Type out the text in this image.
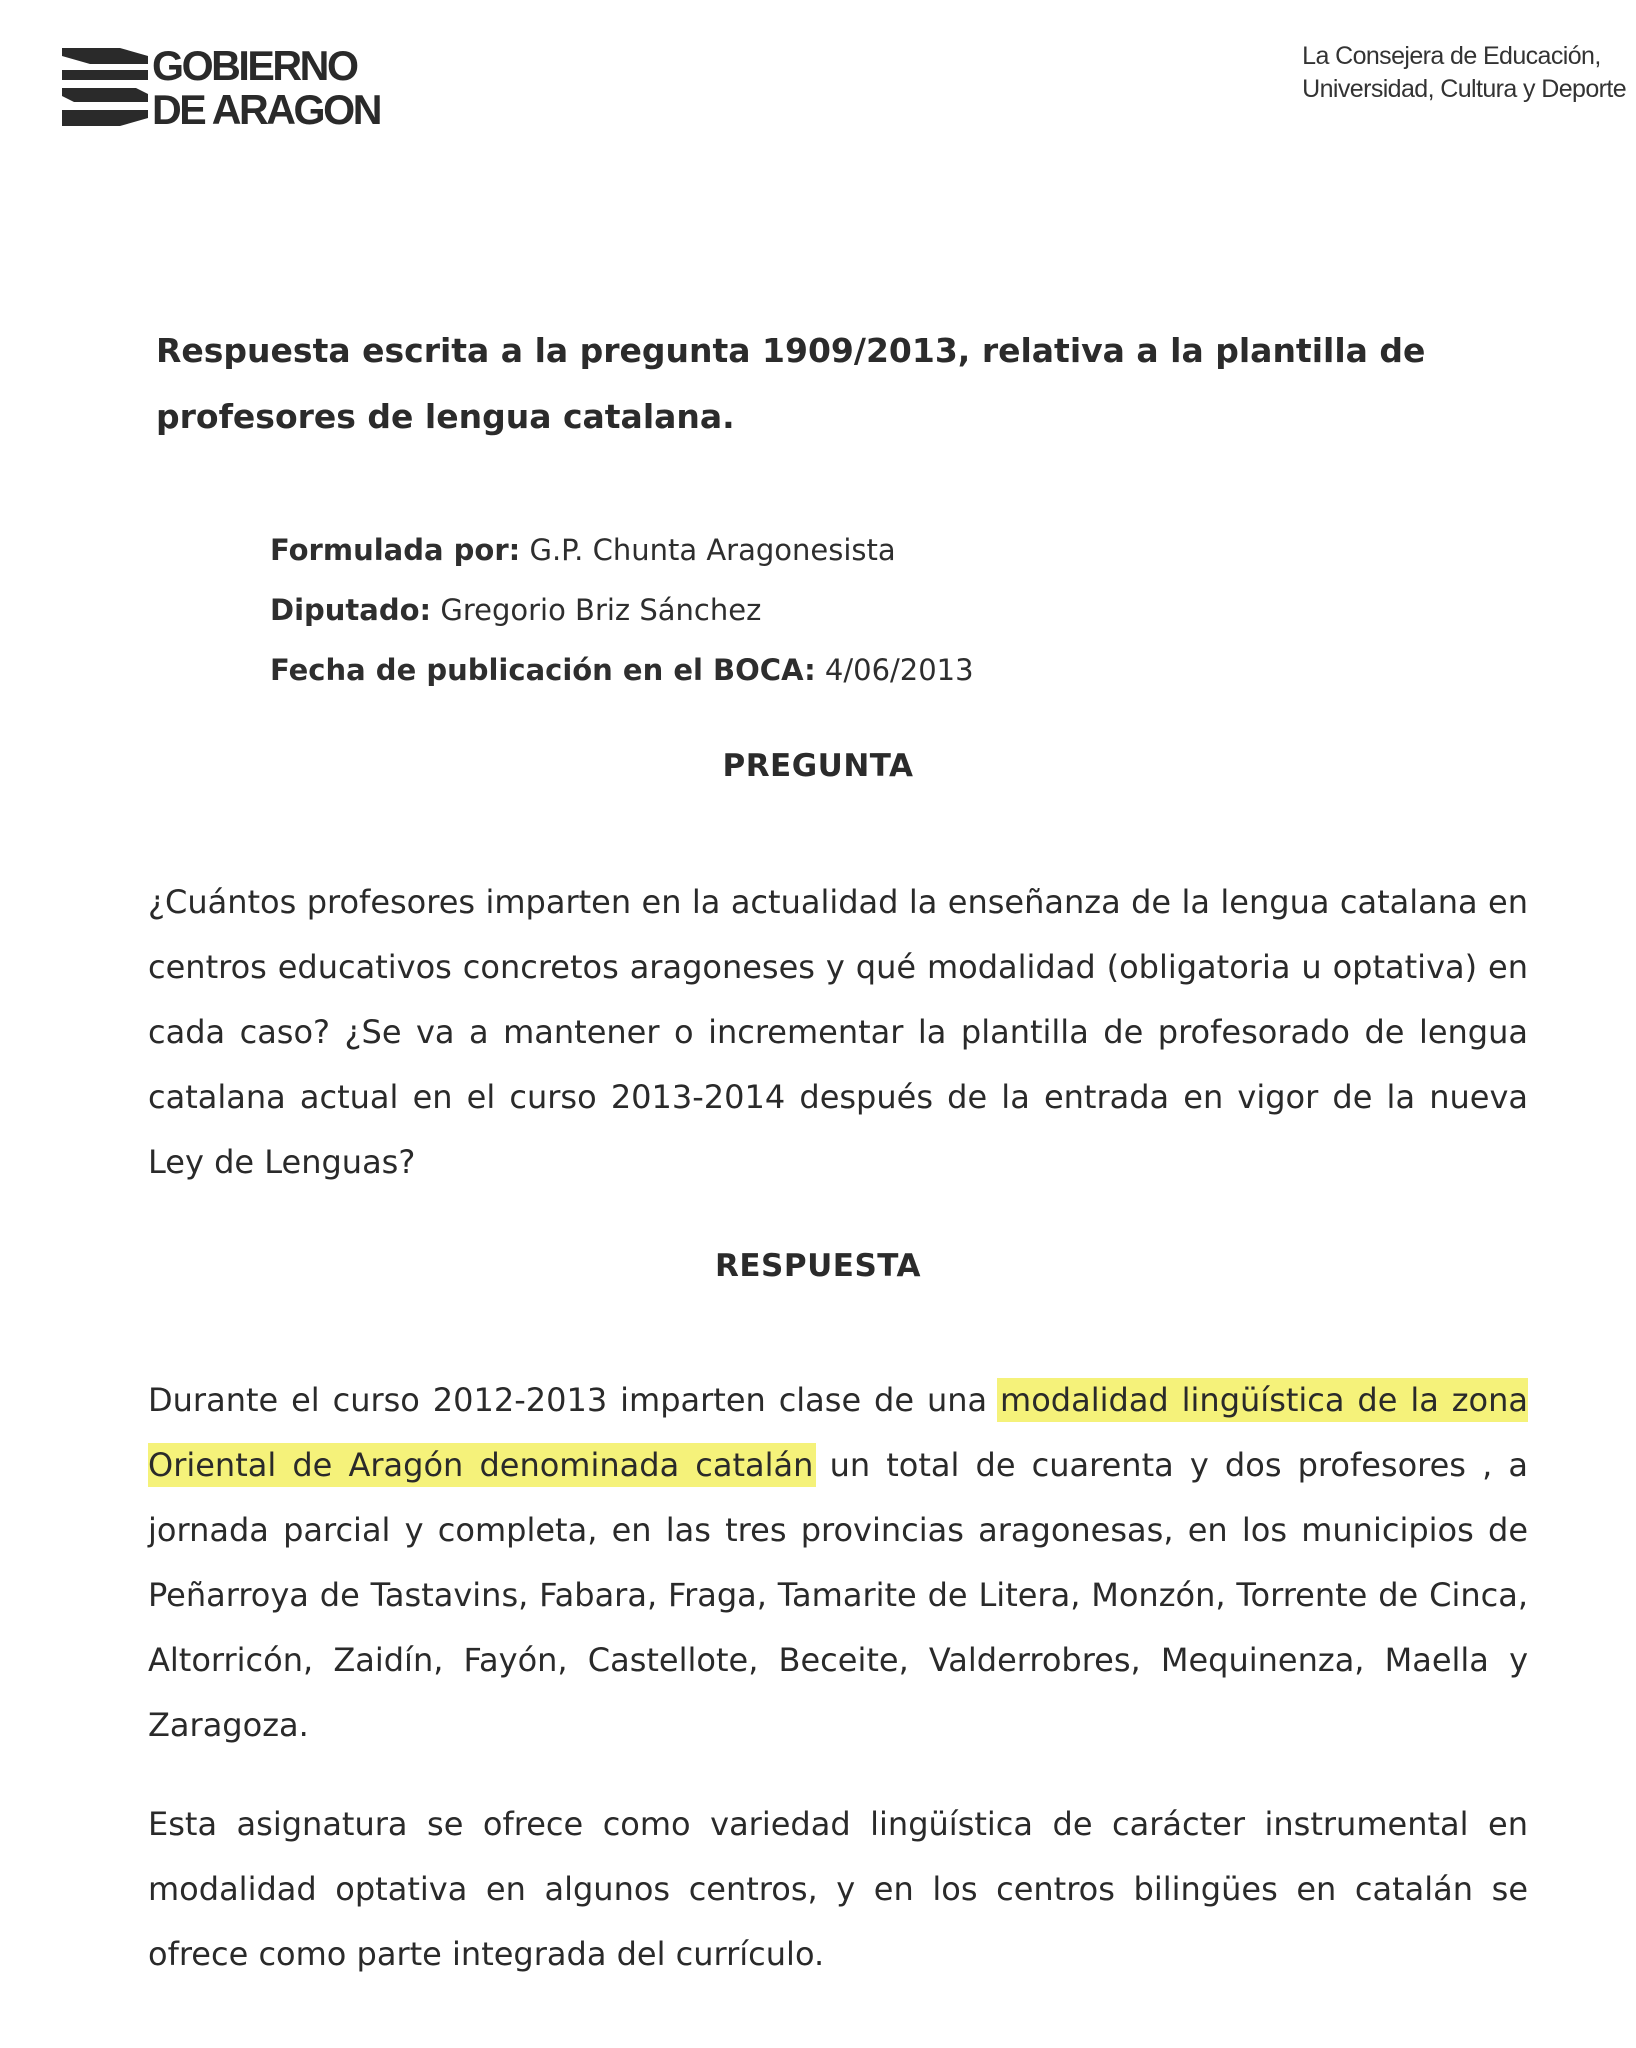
GOBIERNO
DE ARAGON
La Consejera de Educación,
Universidad, Cultura y Deporte
Respuesta escrita a la pregunta 1909/2013, relativa a la plantilla de profesores de lengua catalana.
Formulada por: G.P. Chunta Aragonesista
Diputado: Gregorio Briz Sánchez
Fecha de publicación en el BOCA: 4/06/2013
PREGUNTA
¿Cuántos profesores imparten en la actualidad la enseñanza de la lengua catalana en centros educativos concretos aragoneses y qué modalidad (obligatoria u optativa) en cada caso? ¿Se va a mantener o incrementar la plantilla de profesorado de lengua catalana actual en el curso 2013-2014 después de la entrada en vigor de la nueva Ley de Lenguas?
RESPUESTA
Durante el curso 2012-2013 imparten clase de una modalidad lingüística de la zona Oriental de Aragón denominada catalán un total de cuarenta y dos profesores , a jornada parcial y completa, en las tres provincias aragonesas, en los municipios de Peñarroya de Tastavins, Fabara, Fraga, Tamarite de Litera, Monzón, Torrente de Cinca, Altorricón, Zaidín, Fayón, Castellote, Beceite, Valderrobres, Mequinenza, Maella y Zaragoza.
Esta asignatura se ofrece como variedad lingüística de carácter instrumental en modalidad optativa en algunos centros, y en los centros bilingües en catalán se ofrece como parte integrada del currículo.
